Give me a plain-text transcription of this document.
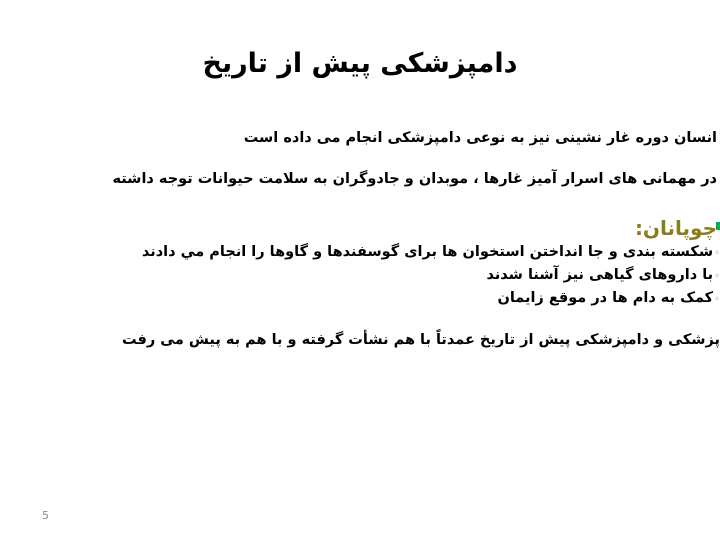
دامپزشکی پیش از تاریخ
انسان دوره غار نشینی نیز به نوعی دامپزشکی انجام می داده است
در مهمانی های اسرار آمیز غارها ، موبدان و جادوگران به سلامت حیوانات توجه داشته
چوپانان:
◦شکسته بندی و جا انداختن استخوان ها برای گوسفندها و گاوها را انجام مي دادند
◦با داروهای گیاهی نیز آشنا شدند
◦کمک به دام ها در موقع زایمان
پزشکی و دامپزشکی پیش از تاریخ عمدتاً با هم نشأت گرفته و با هم به پیش می رفت
5
